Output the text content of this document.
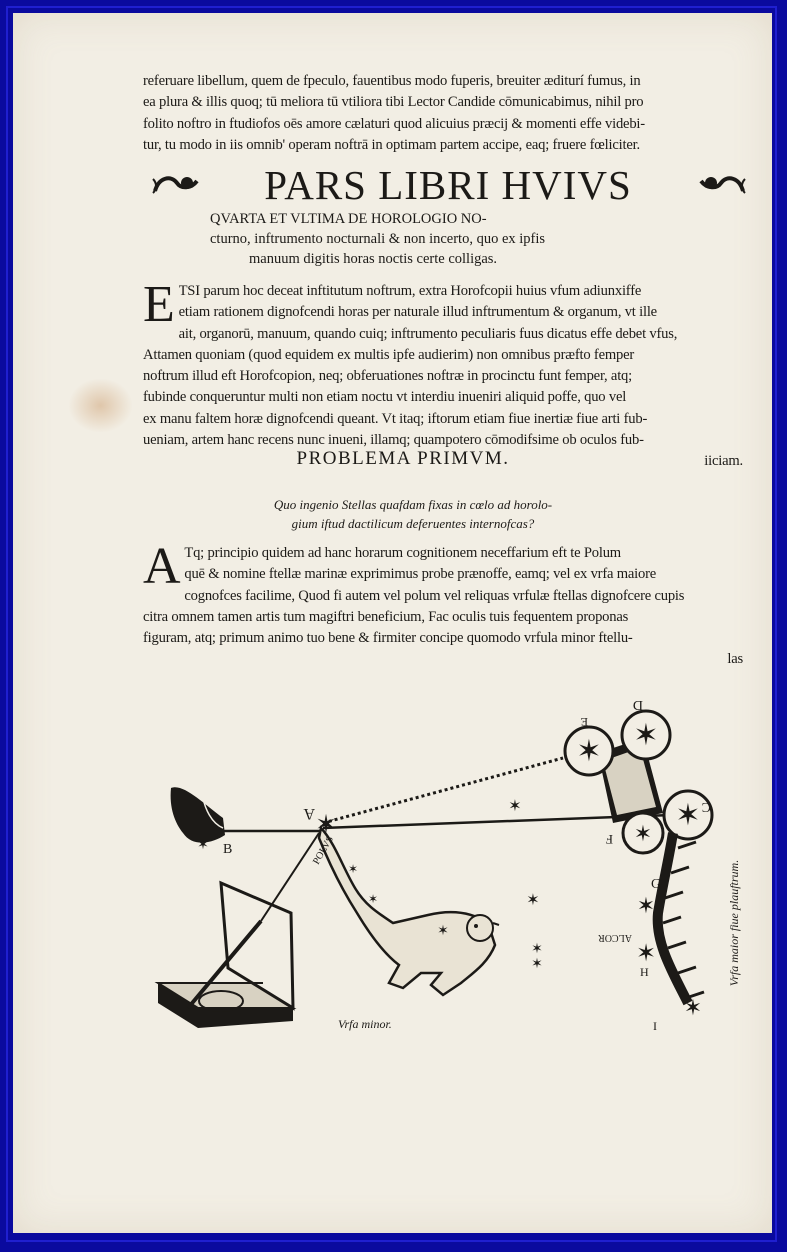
referuare libellum, quem de fpeculo, fauentibus modo fuperis, breuiter æditurí fumus, in
ea plura & illis quoq; tū meliora tū vtiliora tibi Lector Candide cōmunicabimus, nihil pro
folito noftro in ftudiofos oēs amore cælaturi quod alicuius præcij & momenti effe videbi-
tur, tu modo in iis omnib' operam noftrā in optimam partem accipe, eaq; fruere fœliciter.
PARS LIBRI HVIVS
QVARTA ET VLTIMA DE HOROLOGIO NO-
cturno, inftrumento nocturnali & non incerto, quo ex ipfis
manuum digitis horas noctis certe colligas.
E TSI parum hoc deceat inftitutum noftrum, extra Horofcopii huius vfum adiunxiffe
etiam rationem dignofcendi horas per naturale illud inftrumentum & organum, vt ille
ait, organorū, manuum, quando cuiq; inftrumento peculiaris fuus dicatus effe debet vfus,
Attamen quoniam (quod equidem ex multis ipfe audierim) non omnibus præfto femper
noftrum illud eft Horofcopion, neq; obferuationes noftræ in procinctu funt femper, atq;
fubinde conqueruntur multi non etiam noctu vt interdiu inueniri aliquid poffe, quo vel
ex manu faltem horæ dignofcendi queant. Vt itaq; iftorum etiam fiue inertiæ fiue arti fub-
ueniam, artem hanc recens nunc inueni, illamq; quampotero cōmodifsime ob oculos fub-
iiciam.
PROBLEMA PRIMVM.
Quo ingenio Stellas quafdam fixas in cœlo ad horolo-
gium iftud dactilicum deferuentes internofcas?
A Tq; principio quidem ad hanc horarum cognitionem neceffarium eft te Polum
quē & nomine ftellæ marinæ exprimimus probe prænoffe, eamq; vel ex vrfa maiore
cognofces facilime, Quod fi autem vel polum vel reliquas vrfulæ ftellas dignofcere cupis
citra omnem tamen artis tum magiftri beneficium, Fac oculis tuis fequentem proponas
figuram, atq; primum animo tuo bene & firmiter concipe quomodo vrfula minor ftellu-
las
✶
✶
✶
✶ ✶
✶
✶
✶
✶
✶
✶
✶
✶
✶
✶
✶
A
B
C
D
E
F
G
H
I
POLVS
ALCOR
Vrfa minor.
Vrfa maior fiue plauftrum.
